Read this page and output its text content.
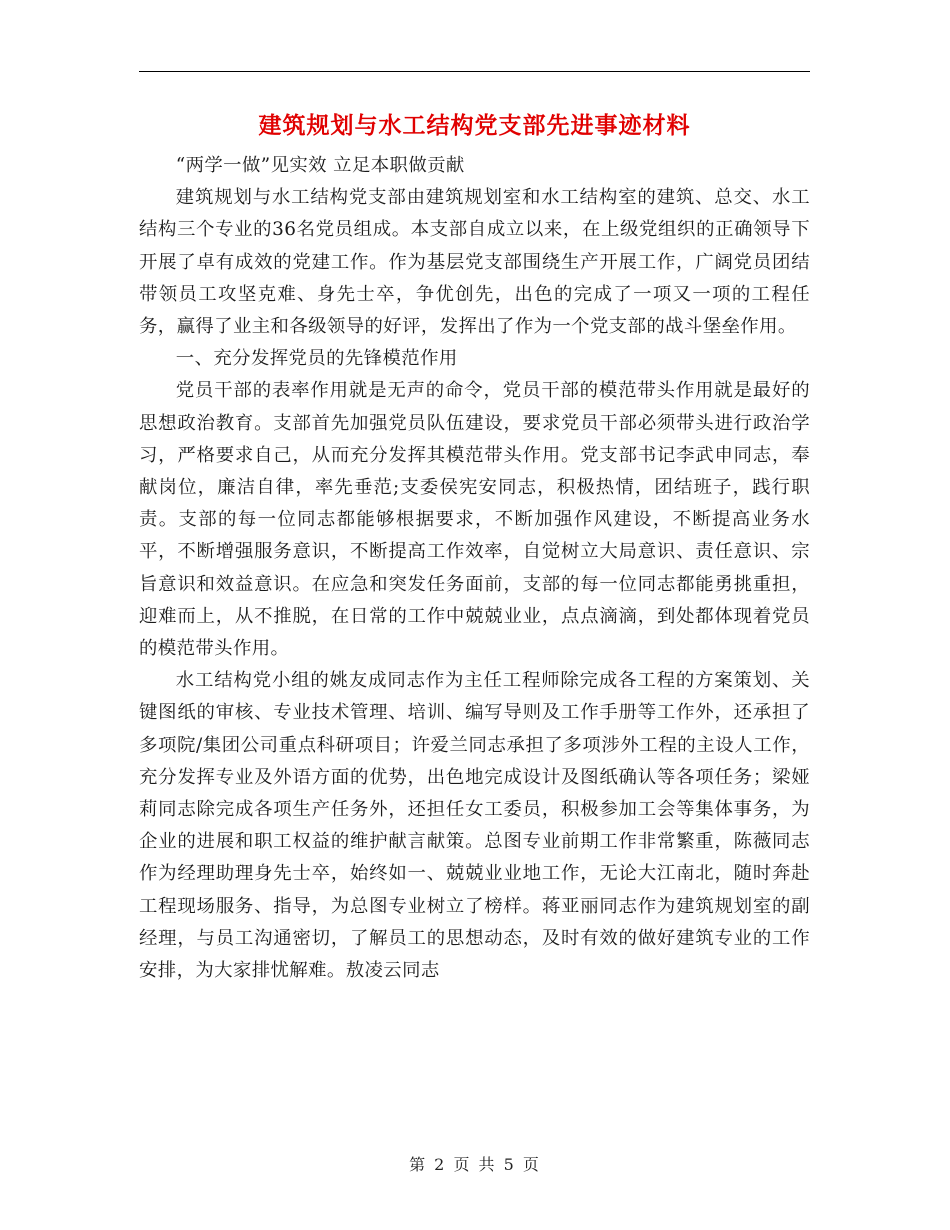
建筑规划与水工结构党支部先进事迹材料

“两学一做”见实效 立足本职做贡献

建筑规划与水工结构党支部由建筑规划室和水工结构室的建筑、总交、水工结构三个专业的36名党员组成。本支部自成立以来，在上级党组织的正确领导下开展了卓有成效的党建工作。作为基层党支部围绕生产开展工作，广阔党员团结带领员工攻坚克难、身先士卒，争优创先，出色的完成了一项又一项的工程任务，赢得了业主和各级领导的好评，发挥出了作为一个党支部的战斗堡垒作用。

一、充分发挥党员的先锋模范作用

党员干部的表率作用就是无声的命令，党员干部的模范带头作用就是最好的思想政治教育。支部首先加强党员队伍建设，要求党员干部必须带头进行政治学习，严格要求自己，从而充分发挥其模范带头作用。党支部书记李武申同志，奉献岗位，廉洁自律，率先垂范;支委侯宪安同志，积极热情，团结班子，践行职责。支部的每一位同志都能够根据要求，不断加强作风建设，不断提高业务水平，不断增强服务意识，不断提高工作效率，自觉树立大局意识、责任意识、宗旨意识和效益意识。在应急和突发任务面前，支部的每一位同志都能勇挑重担，迎难而上，从不推脱，在日常的工作中兢兢业业，点点滴滴，到处都体现着党员的模范带头作用。

水工结构党小组的姚友成同志作为主任工程师除完成各工程的方案策划、关键图纸的审核、专业技术管理、培训、编写导则及工作手册等工作外，还承担了多项院/集团公司重点科研项目；许爱兰同志承担了多项涉外工程的主设人工作，充分发挥专业及外语方面的优势，出色地完成设计及图纸确认等各项任务；梁娅莉同志除完成各项生产任务外，还担任女工委员，积极参加工会等集体事务，为企业的进展和职工权益的维护献言献策。总图专业前期工作非常繁重，陈薇同志作为经理助理身先士卒，始终如一、兢兢业业地工作，无论大江南北，随时奔赴工程现场服务、指导，为总图专业树立了榜样。蒋亚丽同志作为建筑规划室的副经理，与员工沟通密切，了解员工的思想动态，及时有效的做好建筑专业的工作安排，为大家排忧解难。敖凌云同志

第 2 页 共 5 页
